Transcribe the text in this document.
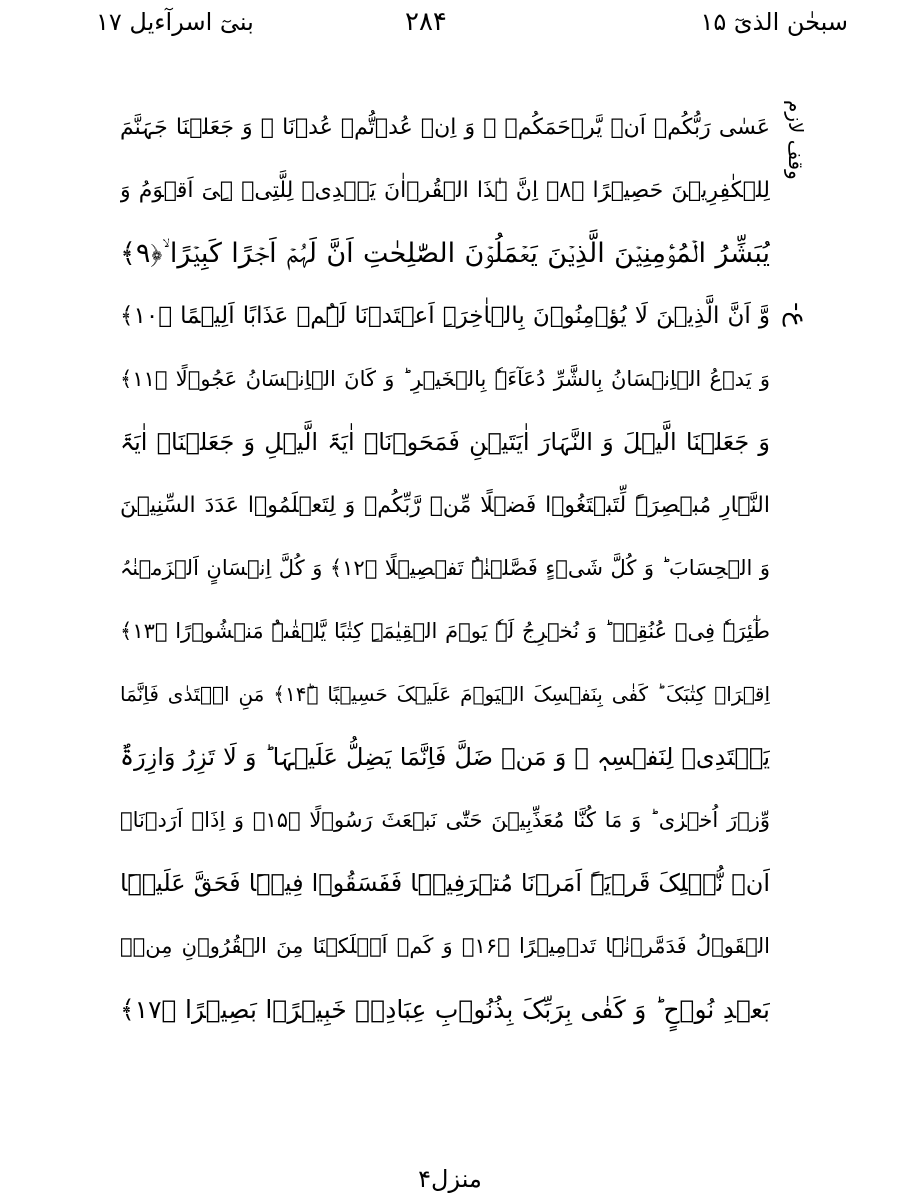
بنیٓ اسرآءیل ۱۷	۲۸۴	سبحٰن الذیٓ ۱۵
وقف لازم
ع-
عَسٰی رَبُّکُمۡ اَنۡ یَّرۡحَمَکُمۡ ۚ وَ اِنۡ عُدۡتُّمۡ عُدۡنَا ۘ وَ جَعَلۡنَا جَہَنَّمَ
لِلۡکٰفِرِیۡنَ حَصِیۡرًا ﴿۸﴾ اِنَّ ہٰذَا الۡقُرۡاٰنَ یَہۡدِیۡ لِلَّتِیۡ ہِیَ اَقۡوَمُ وَ
یُبَشِّرُ الۡمُؤۡمِنِیۡنَ الَّذِیۡنَ یَعۡمَلُوۡنَ الصّٰلِحٰتِ اَنَّ لَہُمۡ اَجۡرًا کَبِیۡرًا ۙ﴿۹﴾
وَّ اَنَّ الَّذِیۡنَ لَا یُؤۡمِنُوۡنَ بِالۡاٰخِرَۃِ اَعۡتَدۡنَا لَہُمۡ عَذَابًا اَلِیۡمًا ﴿۱۰﴾
وَ یَدۡعُ الۡاِنۡسَانُ بِالشَّرِّ دُعَآءَہٗ بِالۡخَیۡرِ ؕ وَ کَانَ الۡاِنۡسَانُ عَجُوۡلًا ﴿۱۱﴾
وَ جَعَلۡنَا الَّیۡلَ وَ النَّہَارَ اٰیَتَیۡنِ فَمَحَوۡنَاۤ اٰیَۃَ الَّیۡلِ وَ جَعَلۡنَاۤ اٰیَۃَ
النَّہَارِ مُبۡصِرَۃً لِّتَبۡتَغُوۡا فَضۡلًا مِّنۡ رَّبِّکُمۡ وَ لِتَعۡلَمُوۡا عَدَدَ السِّنِیۡنَ
وَ الۡحِسَابَ ؕ وَ کُلَّ شَیۡءٍ فَصَّلۡنٰہُ تَفۡصِیۡلًا ﴿۱۲﴾ وَ کُلَّ اِنۡسَانٍ اَلۡزَمۡنٰہُ
طٰٓئِرَہٗ فِیۡ عُنُقِہٖ ؕ وَ نُخۡرِجُ لَہٗ یَوۡمَ الۡقِیٰمَۃِ کِتٰبًا یَّلۡقٰىہُ مَنۡشُوۡرًا ﴿۱۳﴾
اِقۡرَاۡ کِتٰبَکَ ؕ کَفٰی بِنَفۡسِکَ الۡیَوۡمَ عَلَیۡکَ حَسِیۡبًا ﴿ؕ۱۴﴾ مَنِ اہۡتَدٰی فَاِنَّمَا
یَہۡتَدِیۡ لِنَفۡسِہٖ ۚ وَ مَنۡ ضَلَّ فَاِنَّمَا یَضِلُّ عَلَیۡہَا ؕ وَ لَا تَزِرُ وَازِرَۃٌ
وِّزۡرَ اُخۡرٰی ؕ وَ مَا کُنَّا مُعَذِّبِیۡنَ حَتّٰی نَبۡعَثَ رَسُوۡلًا ﴿۱۵﴾ وَ اِذَاۤ اَرَدۡنَاۤ
اَنۡ نُّہۡلِکَ قَرۡیَۃً اَمَرۡنَا مُتۡرَفِیۡہَا فَفَسَقُوۡا فِیۡہَا فَحَقَّ عَلَیۡہَا
الۡقَوۡلُ فَدَمَّرۡنٰہَا تَدۡمِیۡرًا ﴿۱۶﴾ وَ کَمۡ اَہۡلَکۡنَا مِنَ الۡقُرُوۡنِ مِنۡۢ
بَعۡدِ نُوۡحٍ ؕ وَ کَفٰی بِرَبِّکَ بِذُنُوۡبِ عِبَادِہٖ خَبِیۡرًۢا بَصِیۡرًا ﴿۱۷﴾
منزل۴
